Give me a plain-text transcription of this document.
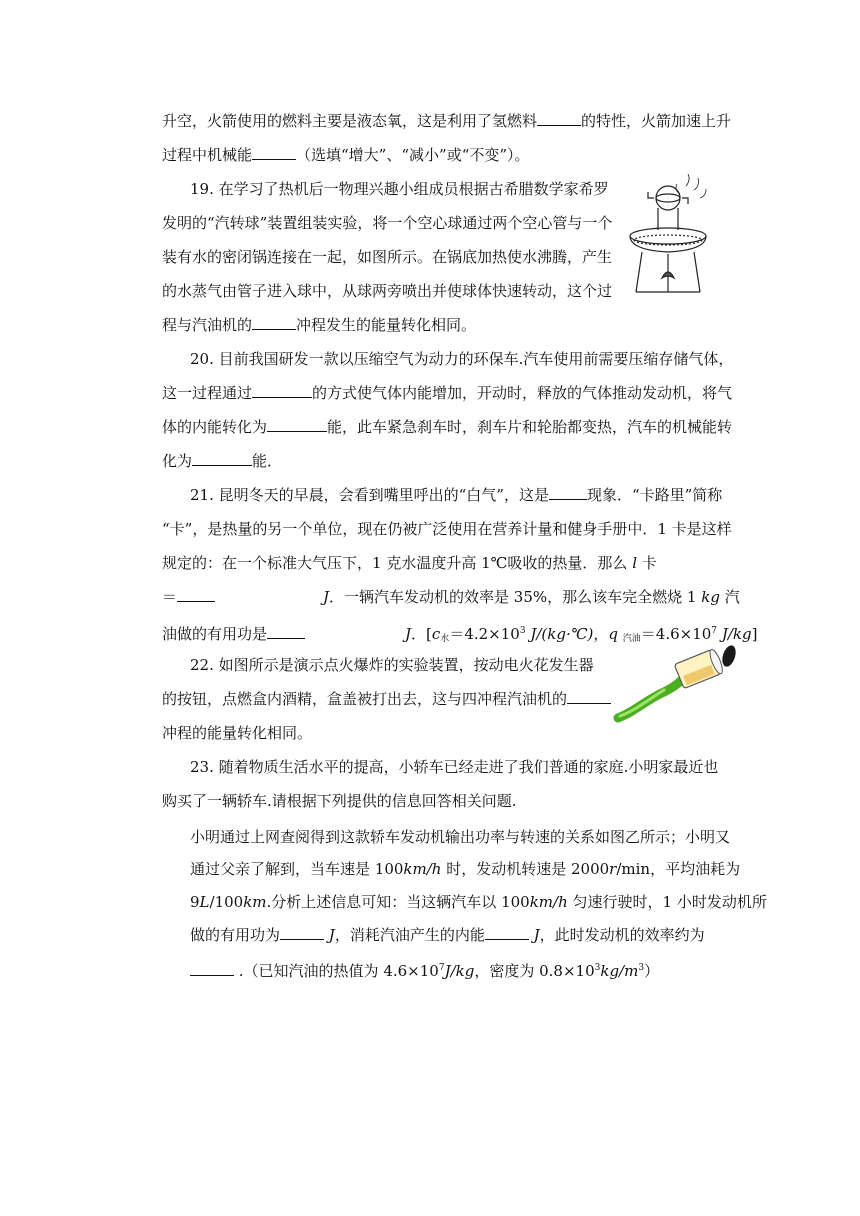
升空，火箭使用的燃料主要是液态氧，这是利用了氢燃料	的特性，火箭加速上升
过程中机械能	（选填“增大”、“减小”或“不变”）。
19. 在学习了热机后一物理兴趣小组成员根据古希腊数学家希罗
发明的“汽转球”装置组装实验，将一个空心球通过两个空心管与一个
装有水的密闭锅连接在一起，如图所示。在锅底加热使水沸腾，产生
的水蒸气由管子进入球中，从球两旁喷出并使球体快速转动，这个过
程与汽油机的	冲程发生的能量转化相同。
20. 目前我国研发一款以压缩空气为动力的环保车.汽车使用前需要压缩存储气体，
这一过程通过	的方式使气体内能增加，开动时，释放的气体推动发动机，将气
体的内能转化为	能，此车紧急刹车时，刹车片和轮胎都变热，汽车的机械能转
化为	能．
21. 昆明冬天的早晨，会看到嘴里呼出的“白气”，这是	现象．“卡路里”简称
“卡”，是热量的另一个单位，现在仍被广泛使用在营养计量和健身手册中．1 卡是这样
规定的：在一个标准大气压下，1 克水温度升高 1℃吸收的热量．那么 l 卡
＝	J．一辆汽车发动机的效率是 35%，那么该车完全燃烧 1 kg 汽
油做的有用功是	J．[$c_水=4.2\times 10^3$ J/(kg·℃)，q $_{汽油}=4.6\times 10^7$ J/kg]
22. 如图所示是演示点火爆炸的实验装置，按动电火花发生器
的按钮，点燃盒内酒精，盒盖被打出去，这与四冲程汽油机的
冲程的能量转化相同。
23. 随着物质生活水平的提高，小轿车已经走进了我们普通的家庭.小明家最近也
购买了一辆轿车.请根据下列提供的信息回答相关问题.
小明通过上网查阅得到这款轿车发动机输出功率与转速的关系如图乙所示；小明又
通过父亲了解到，当车速是 100km/h 时，发动机转速是 2000r/min，平均油耗为
9L/100km.分析上述信息可知：当这辆汽车以 100km/h 匀速行驶时，1 小时发动机所
做的有用功为	J，消耗汽油产生的内能	J，此时发动机的效率约为
.（已知汽油的热值为 $4.6\times 10^7J/kg$，密度为 $0.8\times 10^3kg/m^3$）
